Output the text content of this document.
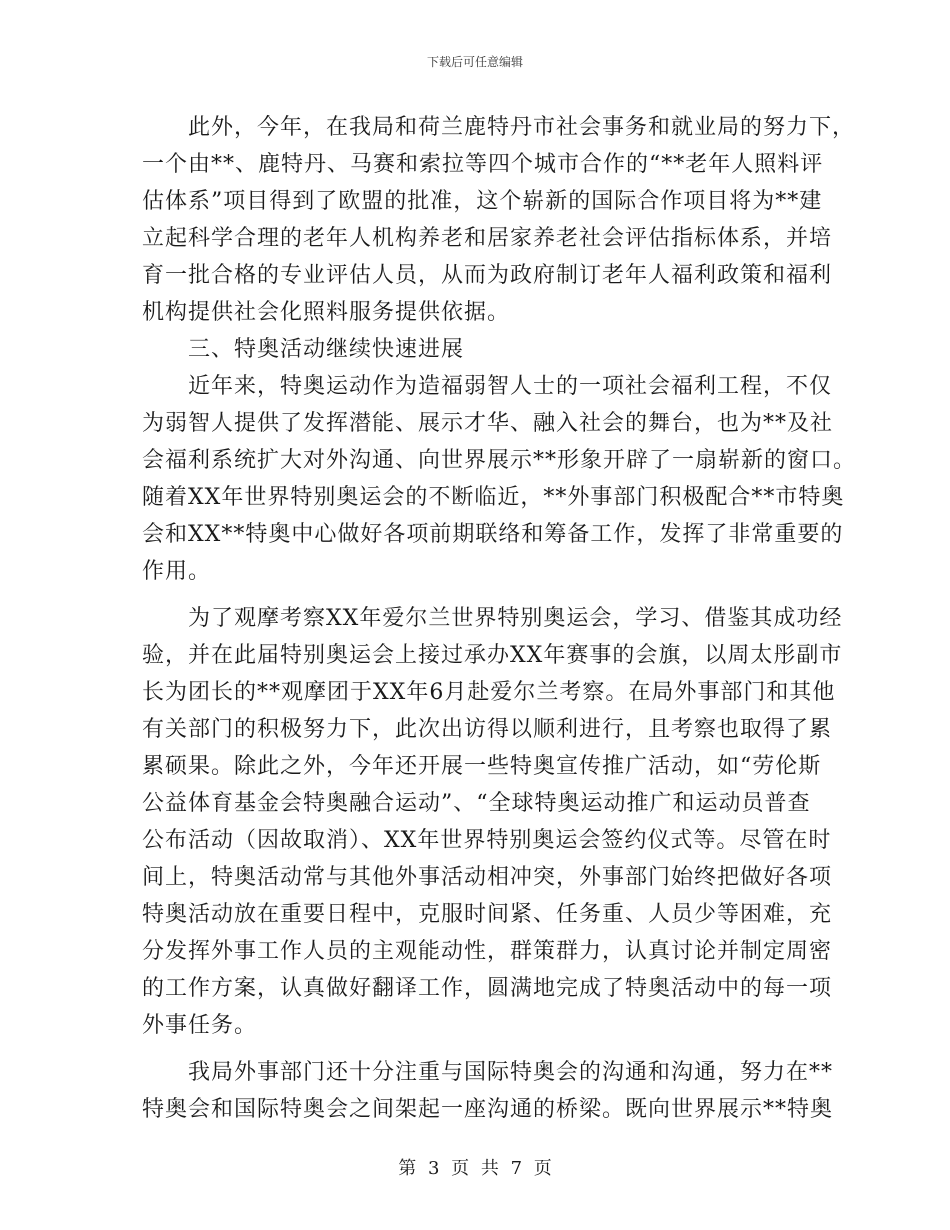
下载后可任意编辑
此外，今年，在我局和荷兰鹿特丹市社会事务和就业局的努力下，
一个由**、鹿特丹、马赛和索拉等四个城市合作的“**老年人照料评
估体系”项目得到了欧盟的批准，这个崭新的国际合作项目将为**建
立起科学合理的老年人机构养老和居家养老社会评估指标体系，并培
育一批合格的专业评估人员，从而为政府制订老年人福利政策和福利
机构提供社会化照料服务提供依据。
三、特奥活动继续快速进展
近年来，特奥运动作为造福弱智人士的一项社会福利工程，不仅
为弱智人提供了发挥潜能、展示才华、融入社会的舞台，也为**及社
会福利系统扩大对外沟通、向世界展示**形象开辟了一扇崭新的窗口。
随着XX年世界特别奥运会的不断临近，**外事部门积极配合**市特奥
会和XX**特奥中心做好各项前期联络和筹备工作，发挥了非常重要的
作用。
为了观摩考察XX年爱尔兰世界特别奥运会，学习、借鉴其成功经
验，并在此届特别奥运会上接过承办XX年赛事的会旗，以周太彤副市
长为团长的**观摩团于XX年6月赴爱尔兰考察。在局外事部门和其他
有关部门的积极努力下，此次出访得以顺利进行，且考察也取得了累
累硕果。除此之外，今年还开展一些特奥宣传推广活动，如“劳伦斯
公益体育基金会特奥融合运动”、“全球特奥运动推广和运动员普查
公布活动（因故取消）、XX年世界特别奥运会签约仪式等。尽管在时
间上，特奥活动常与其他外事活动相冲突，外事部门始终把做好各项
特奥活动放在重要日程中，克服时间紧、任务重、人员少等困难，充
分发挥外事工作人员的主观能动性，群策群力，认真讨论并制定周密
的工作方案，认真做好翻译工作，圆满地完成了特奥活动中的每一项
外事任务。
我局外事部门还十分注重与国际特奥会的沟通和沟通，努力在**
特奥会和国际特奥会之间架起一座沟通的桥梁。既向世界展示**特奥
第 3 页 共 7 页
